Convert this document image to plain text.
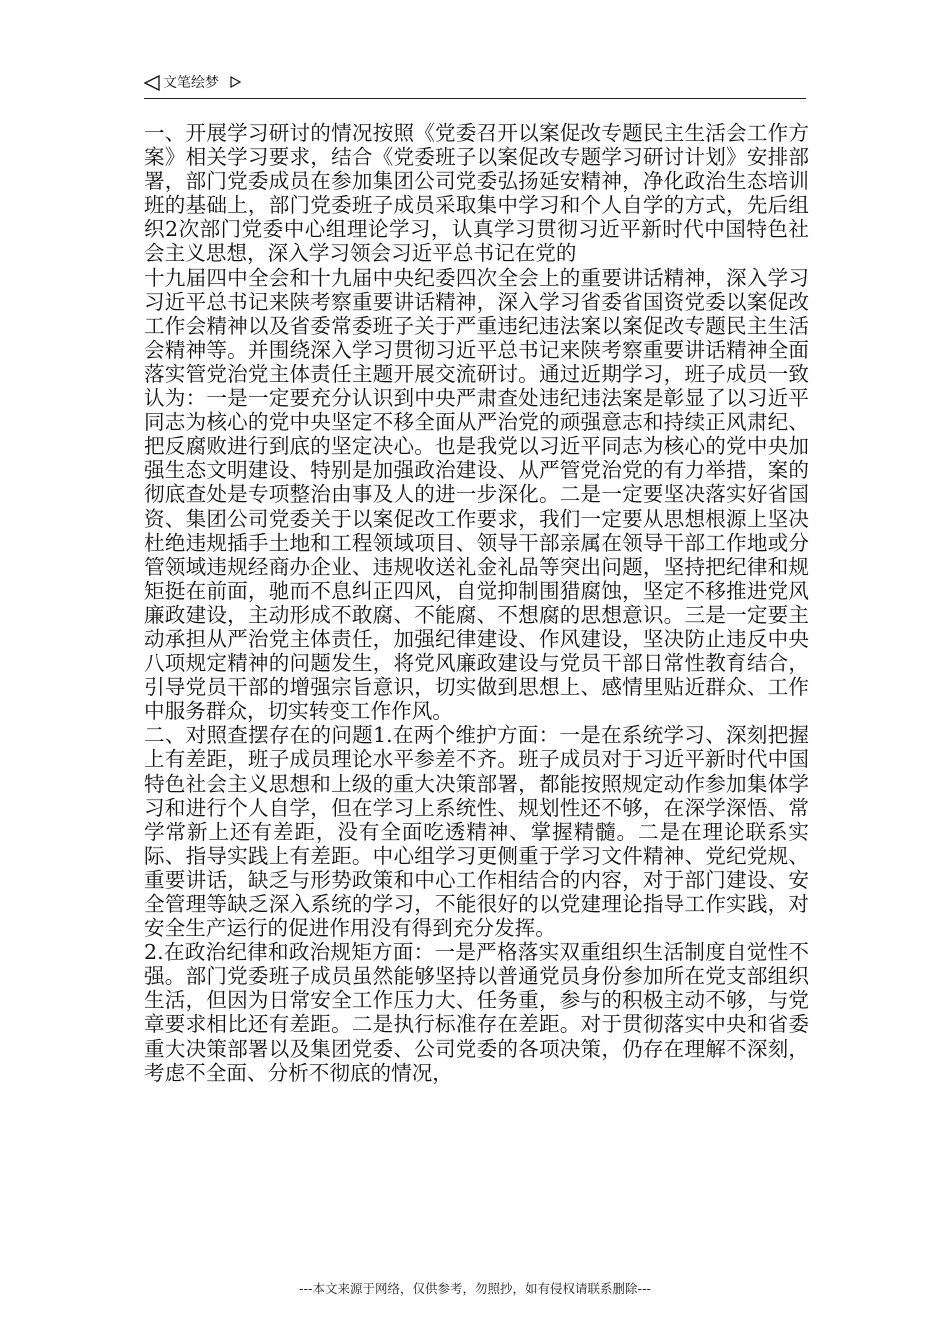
文笔绘梦

一、开展学习研讨的情况按照《党委召开以案促改专题民主生活会工作方案》相关学习要求，结合《党委班子以案促改专题学习研讨计划》安排部署，部门党委成员在参加集团公司党委弘扬延安精神，净化政治生态培训班的基础上，部门党委班子成员采取集中学习和个人自学的方式，先后组织2次部门党委中心组理论学习，认真学习贯彻习近平新时代中国特色社会主义思想，深入学习领会习近平总书记在党的

十九届四中全会和十九届中央纪委四次全会上的重要讲话精神，深入学习习近平总书记来陕考察重要讲话精神，深入学习省委省国资党委以案促改工作会精神以及省委常委班子关于严重违纪违法案以案促改专题民主生活会精神等。并围绕深入学习贯彻习近平总书记来陕考察重要讲话精神全面落实管党治党主体责任主题开展交流研讨。通过近期学习，班子成员一致认为：一是一定要充分认识到中央严肃查处违纪违法案是彰显了以习近平同志为核心的党中央坚定不移全面从严治党的顽强意志和持续正风肃纪、把反腐败进行到底的坚定决心。也是我党以习近平同志为核心的党中央加强生态文明建设、特别是加强政治建设、从严管党治党的有力举措，案的彻底查处是专项整治由事及人的进一步深化。二是一定要坚决落实好省国资、集团公司党委关于以案促改工作要求，我们一定要从思想根源上坚决杜绝违规插手土地和工程领域项目、领导干部亲属在领导干部工作地或分管领域违规经商办企业、违规收送礼金礼品等突出问题，坚持把纪律和规矩挺在前面，驰而不息纠正四风，自觉抑制围猎腐蚀，坚定不移推进党风廉政建设，主动形成不敢腐、不能腐、不想腐的思想意识。三是一定要主动承担从严治党主体责任，加强纪律建设、作风建设，坚决防止违反中央八项规定精神的问题发生，将党风廉政建设与党员干部日常性教育结合，引导党员干部的增强宗旨意识，切实做到思想上、感情里贴近群众、工作中服务群众，切实转变工作作风。

二、对照查摆存在的问题1.在两个维护方面：一是在系统学习、深刻把握上有差距，班子成员理论水平参差不齐。班子成员对于习近平新时代中国特色社会主义思想和上级的重大决策部署，都能按照规定动作参加集体学习和进行个人自学，但在学习上系统性、规划性还不够，在深学深悟、常学常新上还有差距，没有全面吃透精神、掌握精髓。二是在理论联系实际、指导实践上有差距。中心组学习更侧重于学习文件精神、党纪党规、重要讲话，缺乏与形势政策和中心工作相结合的内容，对于部门建设、安全管理等缺乏深入系统的学习，不能很好的以党建理论指导工作实践，对安全生产运行的促进作用没有得到充分发挥。

2.在政治纪律和政治规矩方面：一是严格落实双重组织生活制度自觉性不强。部门党委班子成员虽然能够坚持以普通党员身份参加所在党支部组织生活，但因为日常安全工作压力大、任务重，参与的积极主动不够，与党章要求相比还有差距。二是执行标准存在差距。对于贯彻落实中央和省委重大决策部署以及集团党委、公司党委的各项决策，仍存在理解不深刻，考虑不全面、分析不彻底的情况，

---本文来源于网络，仅供参考，勿照抄，如有侵权请联系删除---
